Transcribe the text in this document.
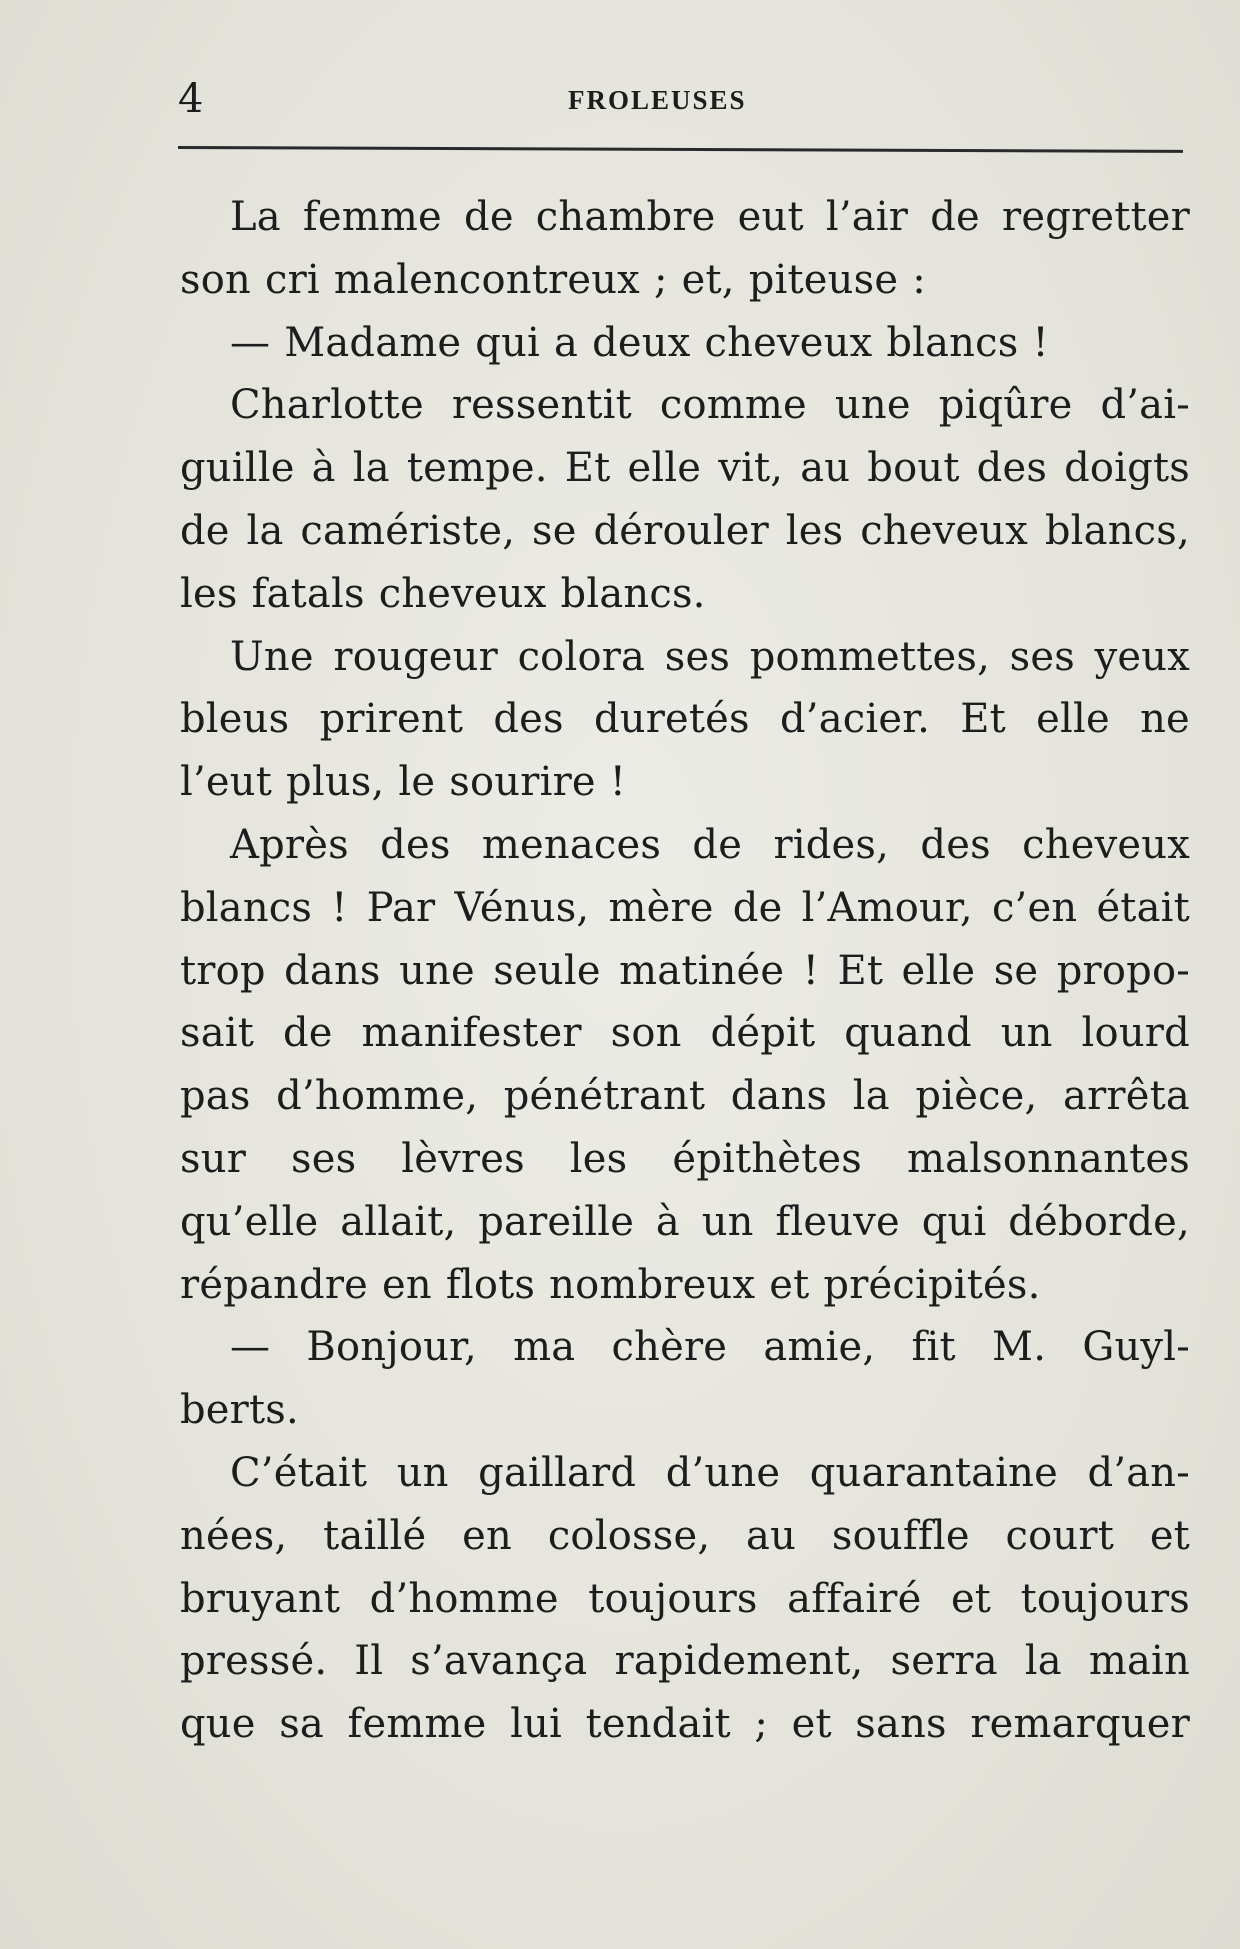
4	FROLEUSES
La femme de chambre eut l’air de regretter
son cri malencontreux ; et, piteuse :
— Madame qui a deux cheveux blancs !
Charlotte ressentit comme une piqûre d’ai-
guille à la tempe. Et elle vit, au bout des doigts
de la camériste, se dérouler les cheveux blancs,
les fatals cheveux blancs.
Une rougeur colora ses pommettes, ses yeux
bleus prirent des duretés d’acier. Et elle ne
l’eut plus, le sourire !
Après des menaces de rides, des cheveux
blancs ! Par Vénus, mère de l’Amour, c’en était
trop dans une seule matinée ! Et elle se propo-
sait de manifester son dépit quand un lourd
pas d’homme, pénétrant dans la pièce, arrêta
sur ses lèvres les épithètes malsonnantes
qu’elle allait, pareille à un fleuve qui déborde,
répandre en flots nombreux et précipités.
— Bonjour, ma chère amie, fit M. Guyl-
berts.
C’était un gaillard d’une quarantaine d’an-
nées, taillé en colosse, au souffle court et
bruyant d’homme toujours affairé et toujours
pressé. Il s’avança rapidement, serra la main
que sa femme lui tendait ; et sans remarquer
